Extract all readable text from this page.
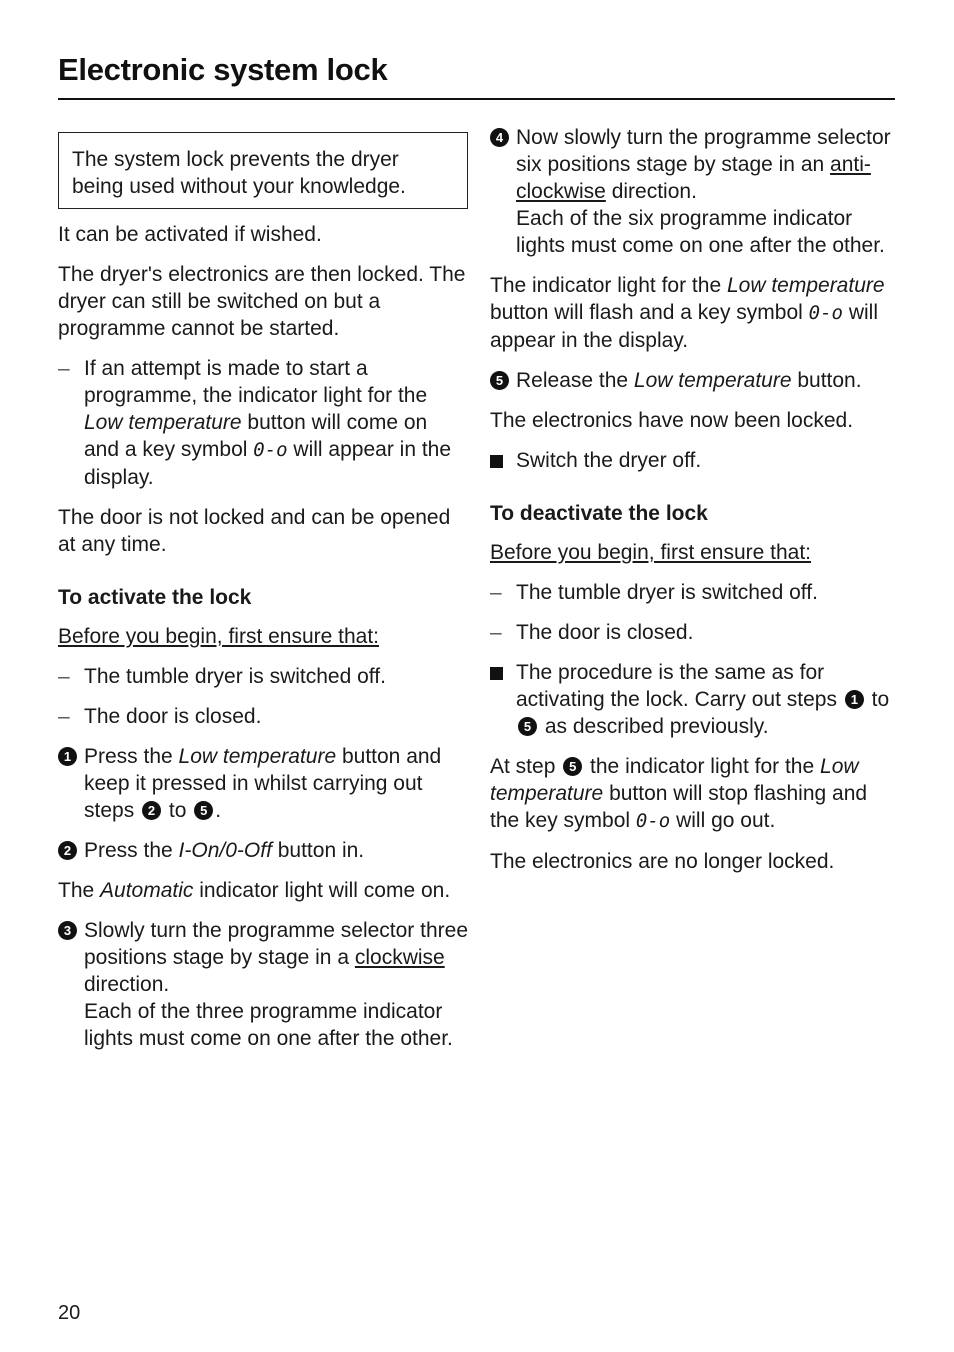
Electronic system lock

The system lock prevents the dryer being used without your knowledge.

It can be activated if wished.

The dryer's electronics are then locked. The dryer can still be switched on but a programme cannot be started.

– If an attempt is made to start a programme, the indicator light for the Low temperature button will come on and a key symbol 0-o will appear in the display.

The door is not locked and can be opened at any time.

To activate the lock

Before you begin, first ensure that:

– The tumble dryer is switched off.

– The door is closed.

1 Press the Low temperature button and keep it pressed in whilst carrying out steps 2 to 5 .

2 Press the I-On/0-Off button in.

The Automatic indicator light will come on.

3 Slowly turn the programme selector three positions stage by stage in a clockwise direction.
Each of the three programme indicator lights must come on one after the other.

4 Now slowly turn the programme selector six positions stage by stage in an anti-clockwise direction.
Each of the six programme indicator lights must come on one after the other.

The indicator light for the Low temperature button will flash and a key symbol 0-o will appear in the display.

5 Release the Low temperature button.

The electronics have now been locked.

Switch the dryer off.

To deactivate the lock

Before you begin, first ensure that:

– The tumble dryer is switched off.

– The door is closed.

The procedure is the same as for activating the lock. Carry out steps 1 to 5 as described previously.

At step 5 the indicator light for the Low temperature button will stop flashing and the key symbol 0-o will go out.

The electronics are no longer locked.

20
